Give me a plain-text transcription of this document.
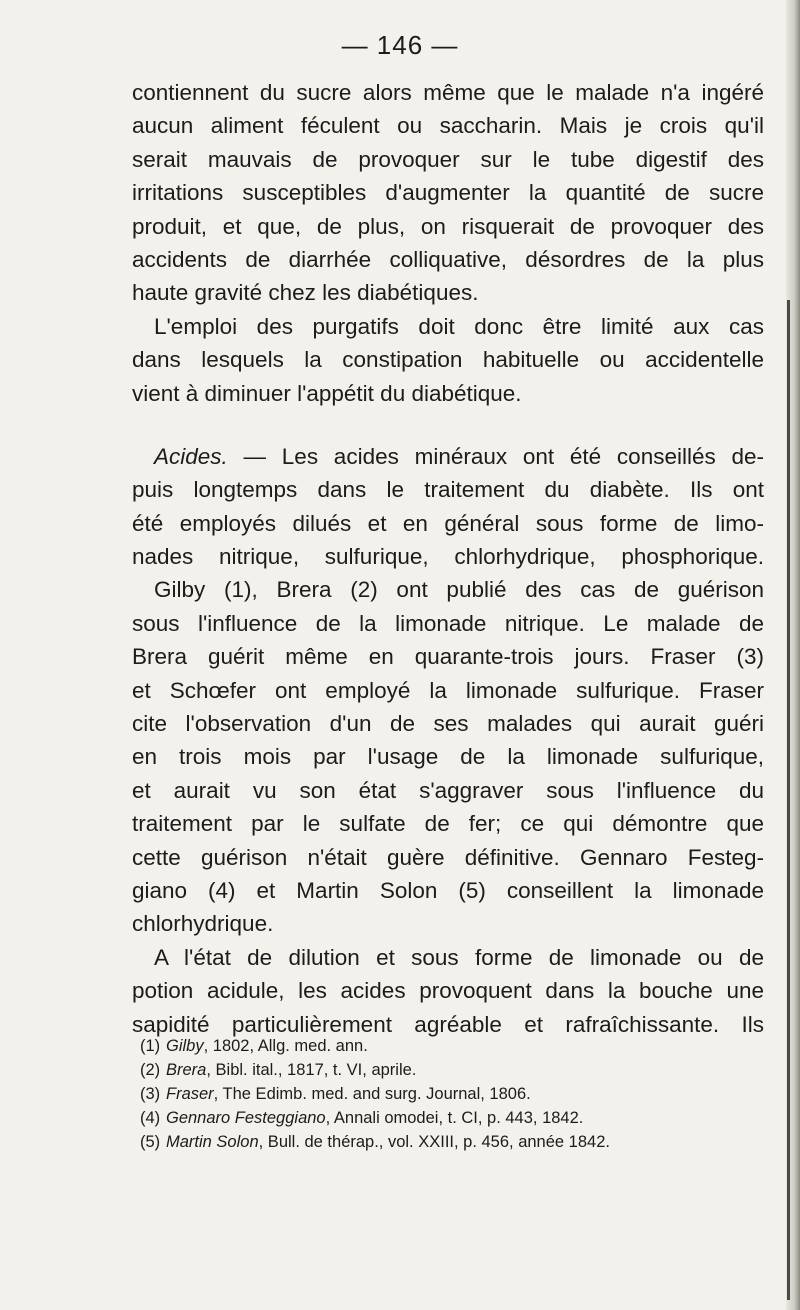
— 146 —
contiennent du sucre alors même que le malade n'a ingéré
aucun aliment féculent ou saccharin. Mais je crois qu'il
serait mauvais de provoquer sur le tube digestif des
irritations susceptibles d'augmenter la quantité de sucre
produit, et que, de plus, on risquerait de provoquer des
accidents de diarrhée colliquative, désordres de la plus
haute gravité chez les diabétiques.
L'emploi des purgatifs doit donc être limité aux cas
dans lesquels la constipation habituelle ou accidentelle
vient à diminuer l'appétit du diabétique.
Acides. — Les acides minéraux ont été conseillés de-
puis longtemps dans le traitement du diabète. Ils ont
été employés dilués et en général sous forme de limo-
nades nitrique, sulfurique, chlorhydrique, phosphorique.
Gilby (1), Brera (2) ont publié des cas de guérison
sous l'influence de la limonade nitrique. Le malade de
Brera guérit même en quarante-trois jours. Fraser (3)
et Schœfer ont employé la limonade sulfurique. Fraser
cite l'observation d'un de ses malades qui aurait guéri
en trois mois par l'usage de la limonade sulfurique,
et aurait vu son état s'aggraver sous l'influence du
traitement par le sulfate de fer; ce qui démontre que
cette guérison n'était guère définitive. Gennaro Festeg-
giano (4) et Martin Solon (5) conseillent la limonade
chlorhydrique.
A l'état de dilution et sous forme de limonade ou de
potion acidule, les acides provoquent dans la bouche une
sapidité particulièrement agréable et rafraîchissante. Ils
(1) Gilby, 1802, Allg. med. ann.
(2) Brera, Bibl. ital., 1817, t. VI, aprile.
(3) Fraser, The Edimb. med. and surg. Journal, 1806.
(4) Gennaro Festeggiano, Annali omodei, t. CI, p. 443, 1842.
(5) Martin Solon, Bull. de thérap., vol. XXIII, p. 456, année 1842.
